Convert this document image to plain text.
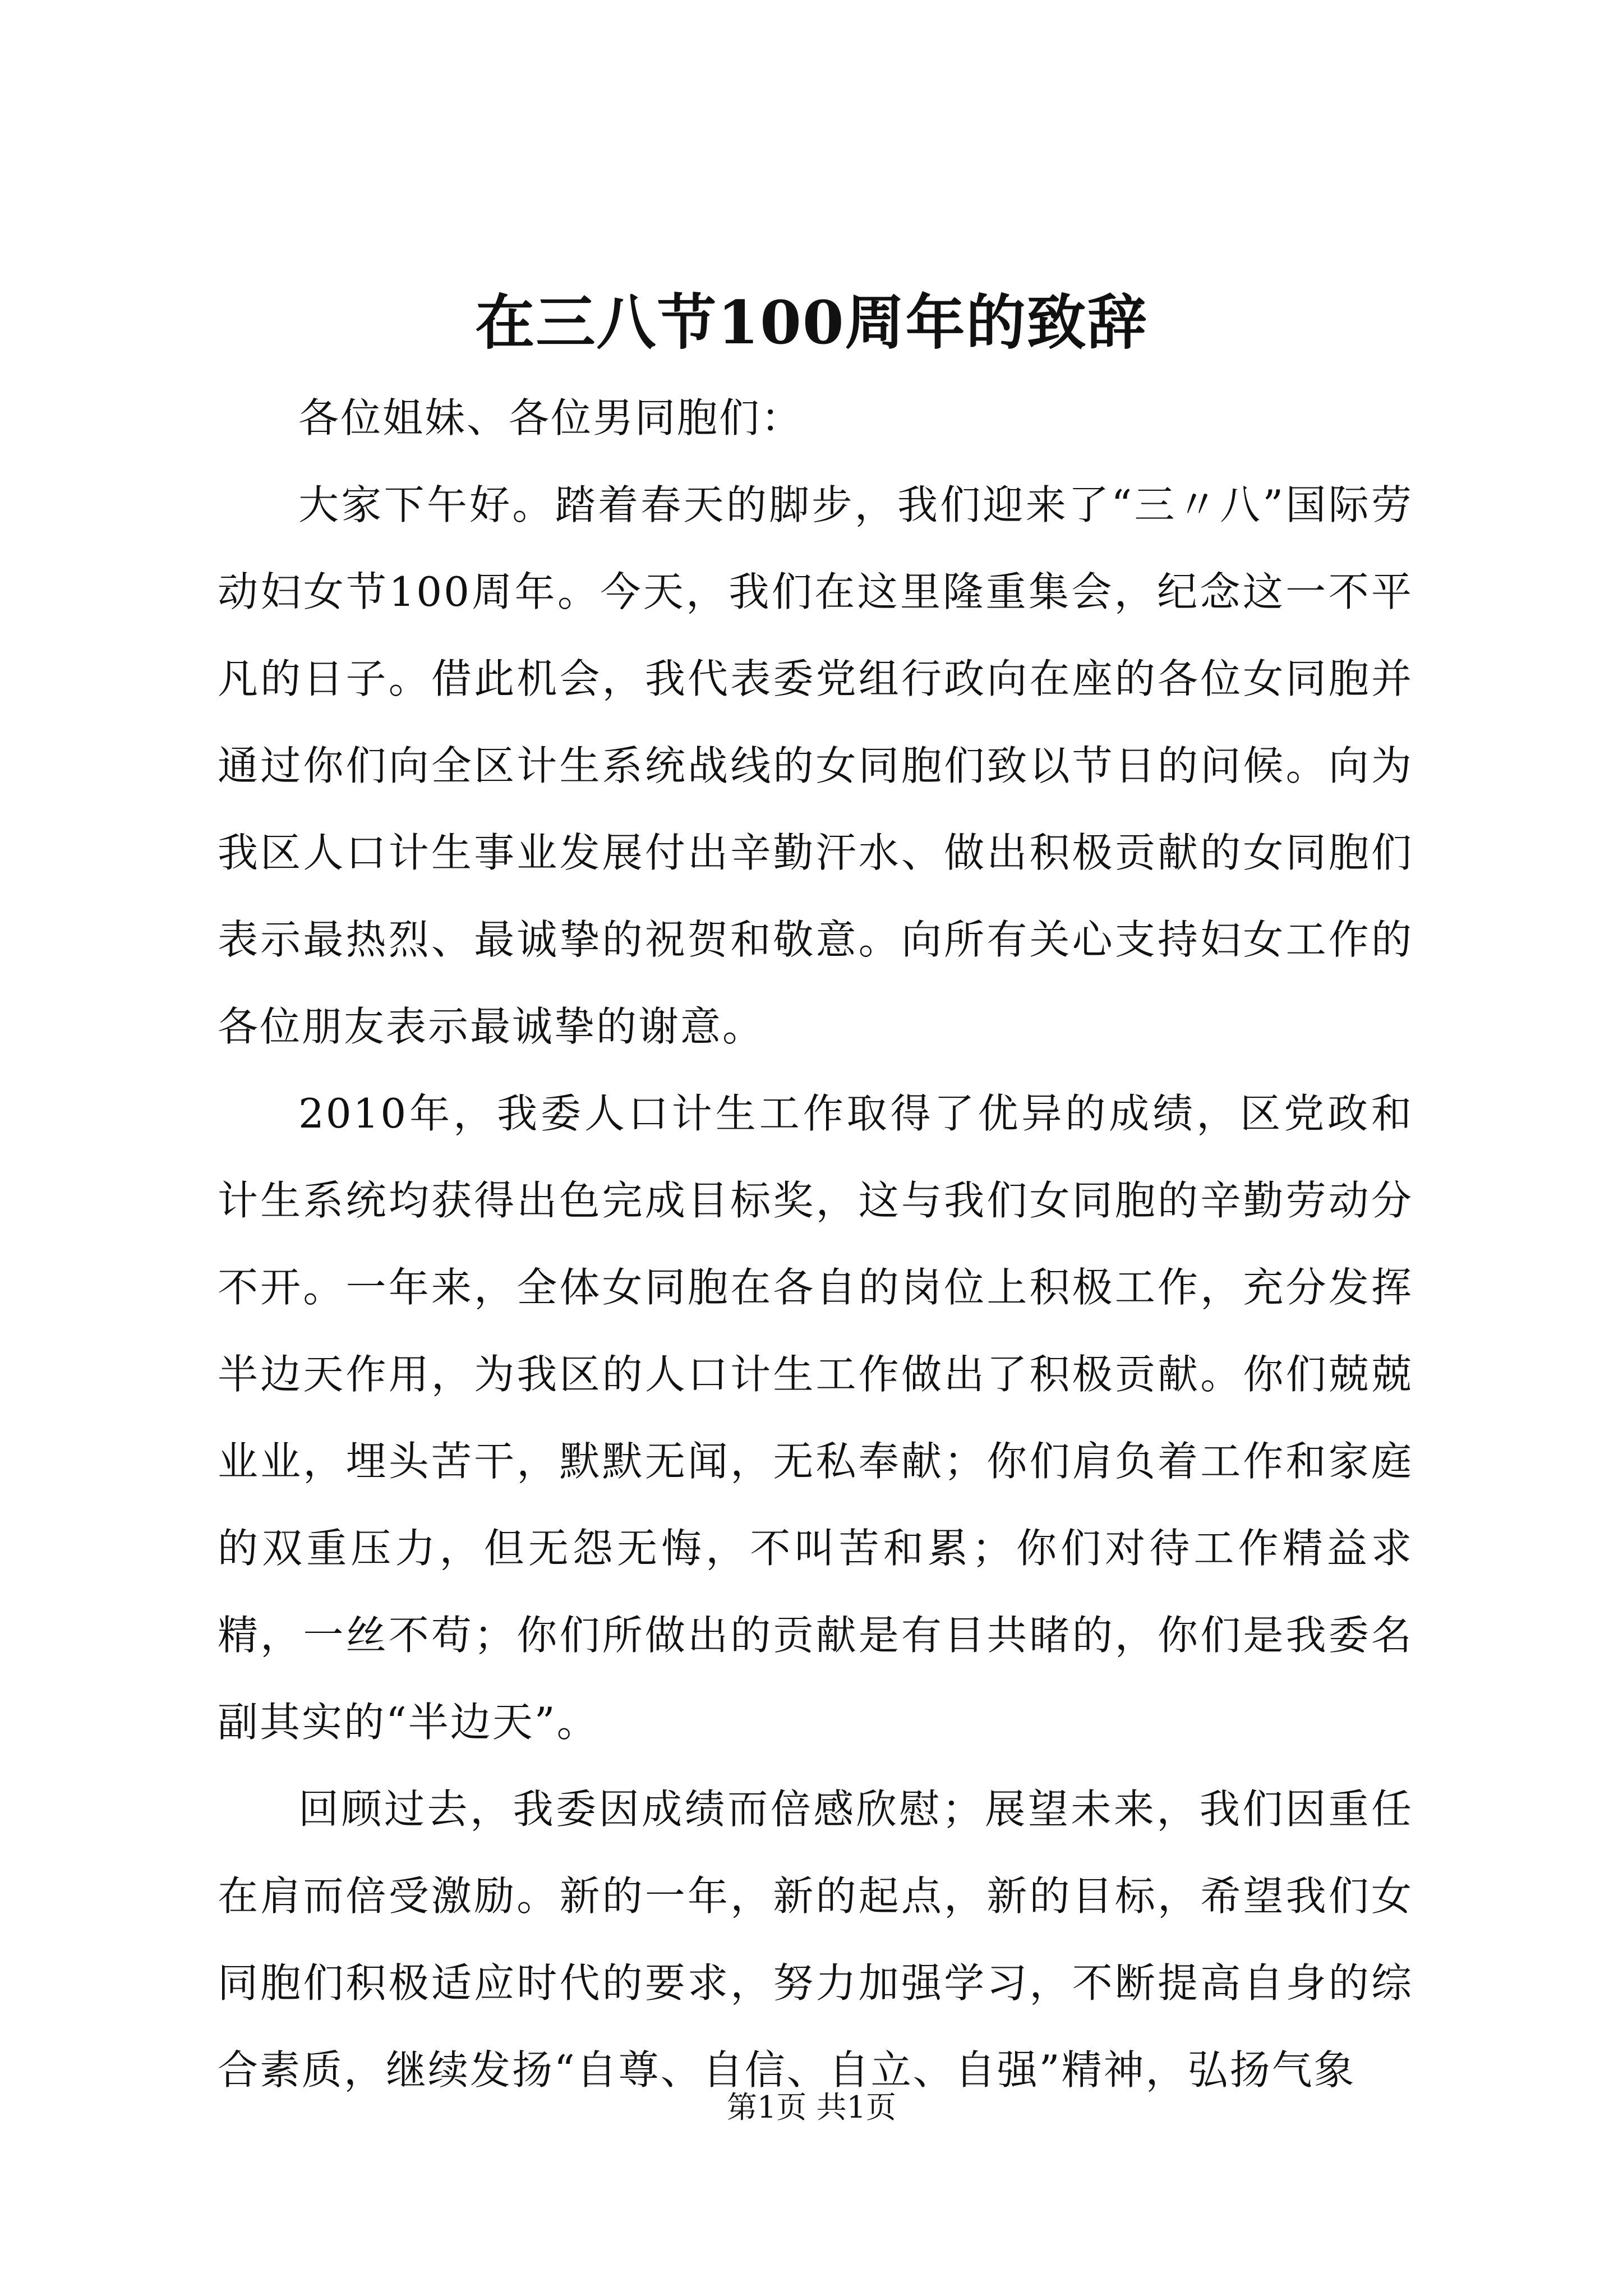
在三八节100周年的致辞

各位姐妹、各位男同胞们：

大家下午好。踏着春天的脚步，我们迎来了“三〃八”国际劳动妇女节100周年。今天，我们在这里隆重集会，纪念这一不平凡的日子。借此机会，我代表委党组行政向在座的各位女同胞并通过你们向全区计生系统战线的女同胞们致以节日的问候。向为我区人口计生事业发展付出辛勤汗水、做出积极贡献的女同胞们表示最热烈、最诚挚的祝贺和敬意。向所有关心支持妇女工作的各位朋友表示最诚挚的谢意。

2010年，我委人口计生工作取得了优异的成绩，区党政和计生系统均获得出色完成目标奖，这与我们女同胞的辛勤劳动分不开。一年来，全体女同胞在各自的岗位上积极工作，充分发挥半边天作用，为我区的人口计生工作做出了积极贡献。你们兢兢业业，埋头苦干，默默无闻，无私奉献；你们肩负着工作和家庭的双重压力，但无怨无悔，不叫苦和累；你们对待工作精益求精，一丝不苟；你们所做出的贡献是有目共睹的，你们是我委名副其实的“半边天”。

回顾过去，我委因成绩而倍感欣慰；展望未来，我们因重任在肩而倍受激励。新的一年，新的起点，新的目标，希望我们女同胞们积极适应时代的要求，努力加强学习，不断提高自身的综合素质，继续发扬“自尊、自信、自立、自强”精神，弘扬气象

第1页 共1页
